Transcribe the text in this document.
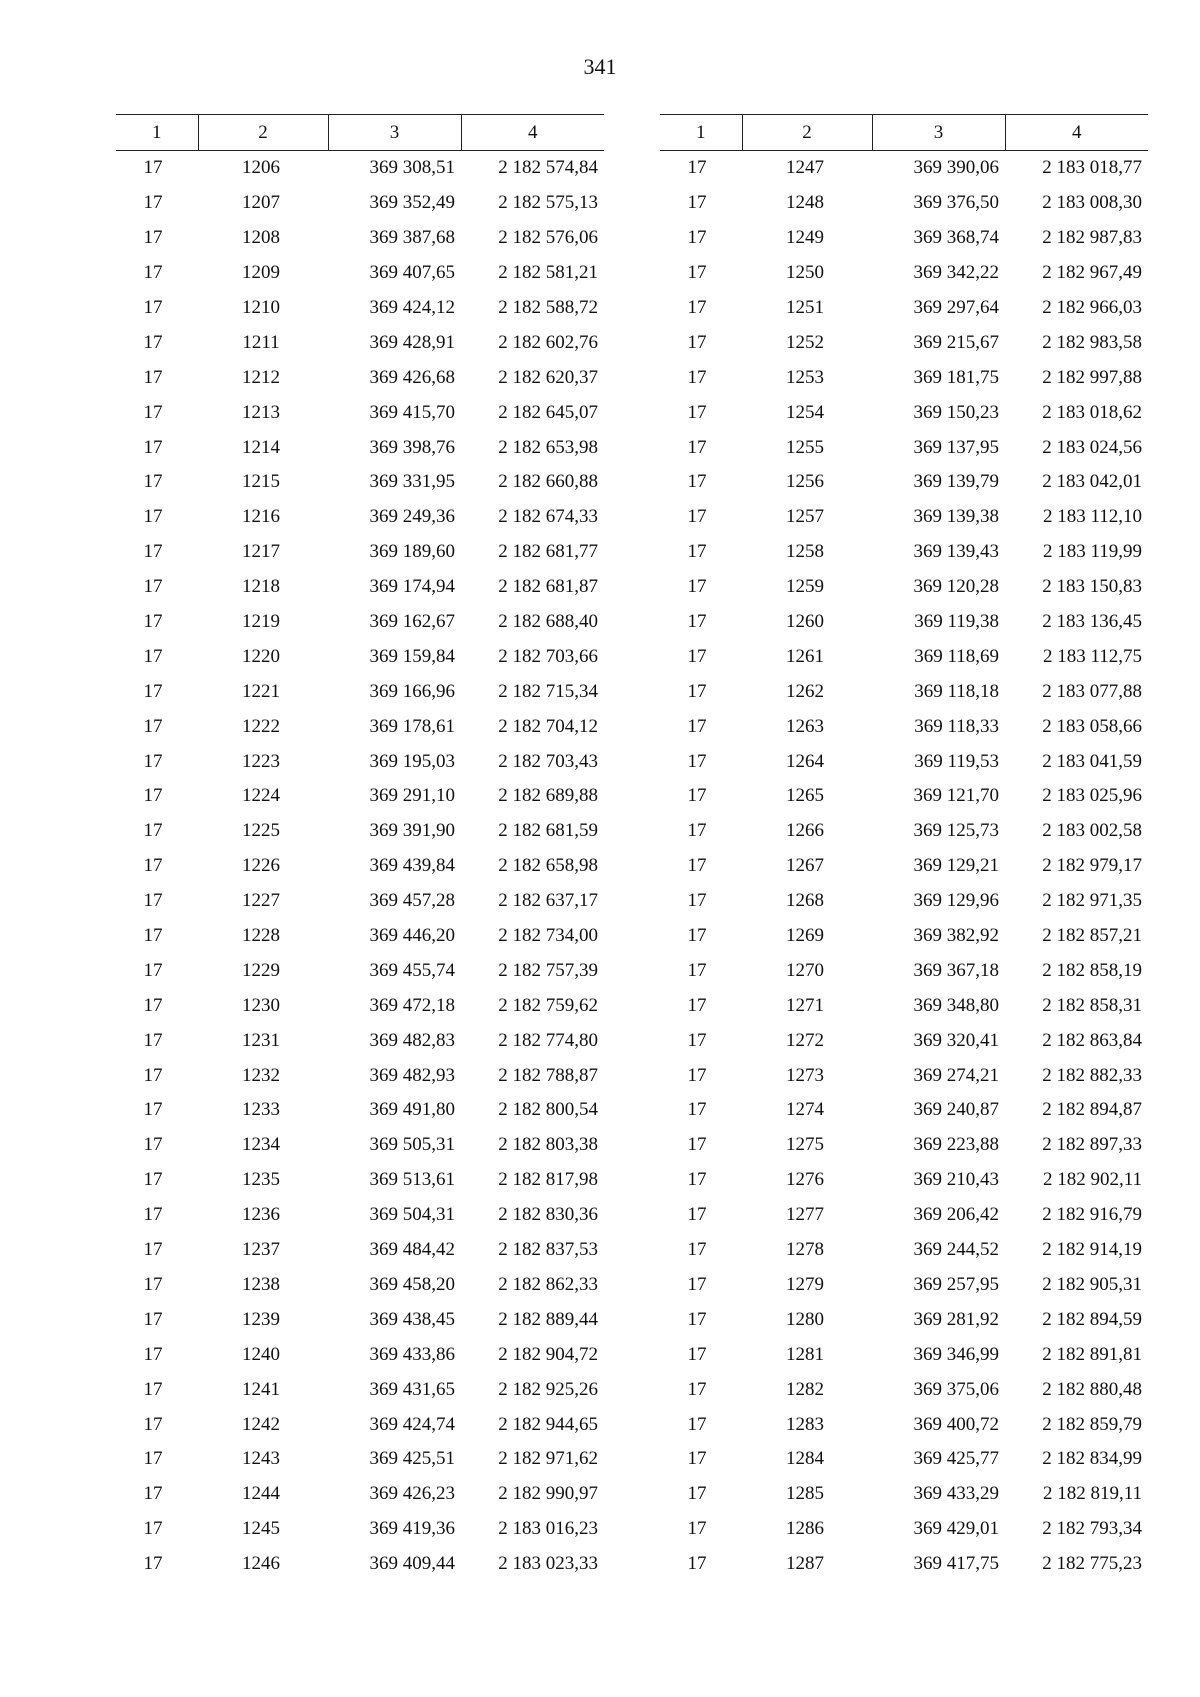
341
1	2	3	4
17	1206	369 308,51	2 182 574,84
17	1207	369 352,49	2 182 575,13
17	1208	369 387,68	2 182 576,06
17	1209	369 407,65	2 182 581,21
17	1210	369 424,12	2 182 588,72
17	1211	369 428,91	2 182 602,76
17	1212	369 426,68	2 182 620,37
17	1213	369 415,70	2 182 645,07
17	1214	369 398,76	2 182 653,98
17	1215	369 331,95	2 182 660,88
17	1216	369 249,36	2 182 674,33
17	1217	369 189,60	2 182 681,77
17	1218	369 174,94	2 182 681,87
17	1219	369 162,67	2 182 688,40
17	1220	369 159,84	2 182 703,66
17	1221	369 166,96	2 182 715,34
17	1222	369 178,61	2 182 704,12
17	1223	369 195,03	2 182 703,43
17	1224	369 291,10	2 182 689,88
17	1225	369 391,90	2 182 681,59
17	1226	369 439,84	2 182 658,98
17	1227	369 457,28	2 182 637,17
17	1228	369 446,20	2 182 734,00
17	1229	369 455,74	2 182 757,39
17	1230	369 472,18	2 182 759,62
17	1231	369 482,83	2 182 774,80
17	1232	369 482,93	2 182 788,87
17	1233	369 491,80	2 182 800,54
17	1234	369 505,31	2 182 803,38
17	1235	369 513,61	2 182 817,98
17	1236	369 504,31	2 182 830,36
17	1237	369 484,42	2 182 837,53
17	1238	369 458,20	2 182 862,33
17	1239	369 438,45	2 182 889,44
17	1240	369 433,86	2 182 904,72
17	1241	369 431,65	2 182 925,26
17	1242	369 424,74	2 182 944,65
17	1243	369 425,51	2 182 971,62
17	1244	369 426,23	2 182 990,97
17	1245	369 419,36	2 183 016,23
17	1246	369 409,44	2 183 023,33
1	2	3	4
17	1247	369 390,06	2 183 018,77
17	1248	369 376,50	2 183 008,30
17	1249	369 368,74	2 182 987,83
17	1250	369 342,22	2 182 967,49
17	1251	369 297,64	2 182 966,03
17	1252	369 215,67	2 182 983,58
17	1253	369 181,75	2 182 997,88
17	1254	369 150,23	2 183 018,62
17	1255	369 137,95	2 183 024,56
17	1256	369 139,79	2 183 042,01
17	1257	369 139,38	2 183 112,10
17	1258	369 139,43	2 183 119,99
17	1259	369 120,28	2 183 150,83
17	1260	369 119,38	2 183 136,45
17	1261	369 118,69	2 183 112,75
17	1262	369 118,18	2 183 077,88
17	1263	369 118,33	2 183 058,66
17	1264	369 119,53	2 183 041,59
17	1265	369 121,70	2 183 025,96
17	1266	369 125,73	2 183 002,58
17	1267	369 129,21	2 182 979,17
17	1268	369 129,96	2 182 971,35
17	1269	369 382,92	2 182 857,21
17	1270	369 367,18	2 182 858,19
17	1271	369 348,80	2 182 858,31
17	1272	369 320,41	2 182 863,84
17	1273	369 274,21	2 182 882,33
17	1274	369 240,87	2 182 894,87
17	1275	369 223,88	2 182 897,33
17	1276	369 210,43	2 182 902,11
17	1277	369 206,42	2 182 916,79
17	1278	369 244,52	2 182 914,19
17	1279	369 257,95	2 182 905,31
17	1280	369 281,92	2 182 894,59
17	1281	369 346,99	2 182 891,81
17	1282	369 375,06	2 182 880,48
17	1283	369 400,72	2 182 859,79
17	1284	369 425,77	2 182 834,99
17	1285	369 433,29	2 182 819,11
17	1286	369 429,01	2 182 793,34
17	1287	369 417,75	2 182 775,23
